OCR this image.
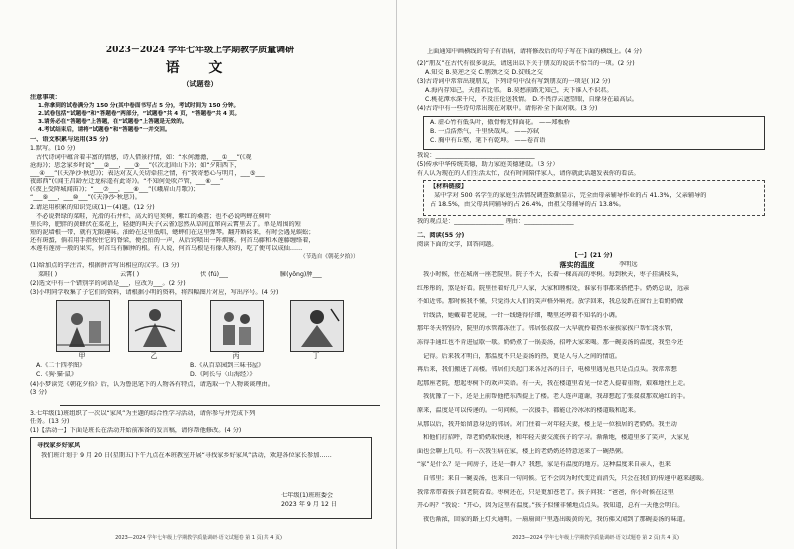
2023－2024 学年七年级上学期教学质量调研
语 文
（试题卷）
注意事项：
1.你拿到的试卷满分为 150 分(其中卷面书写占 5 分)，考试时间为 150 分钟。
2.试卷包括“试题卷”和“答题卷”两部分，“试题卷”共 4 页，“答题卷”共 4 页。
3.请务必在“答题卷”上答题，在“试题卷”上答题是无效的。
4.考试结束后，请将“试题卷”和“答题卷”一并交回。
一、语文积累与运用(35 分)
1.默写。(10 分)
古代诗词中蕴含着丰富的情感，诗人借景抒情，如：“水何澹澹，___①___”(《观
沧海》)；思念家乡时说“___②___，___③___”(《次北固山下》)；如“夕阳西下，
___④___”(《天净沙·秋思》)；表达对友人关切牵挂之情，有“我寄愁心与明月，___⑤___
夜郎西”(《闻王昌龄左迁龙标遥有此寄》)。“不知何处吹芦管，___⑥___”
(《夜上受降城闻笛》)；“___⑦___，___⑧___”(《峨眉山月歌》)；
“___⑨___，___⑩___”(《天净沙·秋思》)。
2.请运用积累的知识完成(1)～(4)题。(12 分)
不必说碧绿的菜畦，光滑的石井栏，高大的皂荚树，紫红的桑葚；也不必说鸣蝉在树叶
里长吟，肥胖的黄蜂伏在菜花上，轻捷的叫天子(云雀)忽然从草间直窜向云霄里去了。单是周围的短
短的泥墙根一带，就有无限趣味。油蛉在这里低唱，蟋蟀们在这里弹琴。翻开断砖来，有时会遇见蜈蚣；
还有斑蝥，倘若用手指按住它的脊梁，便会拍的一声，从后窍喷出一阵烟雾。何首乌藤和木莲藤缠络着，
木莲有莲房一般的果实，何首乌有臃肿的根。有人说，何首乌根是有像人形的，吃了便可以成仙……
（节选自《朝花夕拾》）
(1)给加点的字注音，根据拼音写出相应的汉字。(3 分)
菜畦( )	云霄( )	伏 (fú)___	臃(yōng)肿___
(2)选文中有一个错别字的词语是___，应改为___。(2 分)
(3)小明同学收集了子它们的资料，请根据小明的资料，将四幅图片对应，写出序号。(4 分)
甲	乙	丙	丁
A.《二十四孝图》	B.《从百草园到三味书屋》
C.《狗·猫·鼠》	D.《阿长与〈山海经〉》
(4)小梦读完《朝花夕拾》后，认为鲁迅笔下的人物各有特点，请选取一个人物谈谈理由。
(3 分)
3.七年级(1)班组织了一次以“家风”为主题的综合性学习活动，请你参与并完成下列
任务。(13 分)
(1)【活动一】下面是班长在活动开始前准备的发言稿，请你帮他修改。(4 分)
寻找家乡好家风
我们班计划于 9 月 20 日(星期五)下午九点在本班教室开展“寻找家乡好家风”活动，欢迎各位家长参加……
七年级(1)班班委会
2023 年 9 月 12 日
2023—2024 学年七年级上学期教学质量调研·语文试题卷 第 1 页(共 4 页)
上面通知中画横线的句子有语病，请将修改后的句子写在下面的横线上。(4 分)
(2)“朋友”在古代有很多说法，请选出以下关于朋友的说法不恰当的一项。(2 分)
A.知交 B.莫逆之交 C.刎颈之交 D.贫贱之交
(3)古诗词中常常出现朋友，下列诗句中没有写到朋友的一项是( )(2 分)
A.海内存知己，天涯若比邻。 B.莫愁前路无知己，天下谁人不识君。
C.桃花潭水深千尺，不及汪伦送我情。 D.不畏浮云遮望眼，自缘身在最高层。
(4)古诗中有一些诗句常出现在对联中。请你补全下面对联。(3 分)
A. 虚心竹有低头叶，傲骨梅无仰面花。 ——郑板桥
B. 一点浩然气，千里快哉风。 ——苏轼
C. 胸中有丘壑，笔下有乾坤。 ——卷首语
我说：________________________________
(5)传承中华传统美德，助力家庭美德建设。（3 分）
有人认为现在的人们生活太忙，没有时间陪伴家人，请你就此话题发表你的看法。
【材料链接】
某中学对 500 名学生的家庭生活情况调查数据显示，完全由母亲辅导作业的占 41.3%，父亲辅导的
占 18.5%，由父母共同辅导的占 26.4%，由祖父母辅导的占 13.8%。
我的观点是：________________ 理由：________________
二、阅读(55 分)
阅读下面的文字，回答问题。
【一】(21 分)
落实的温度	李明远
我小时候，住在城南一座老院里。院子不大，长着一棵高高的枣树。每到秋天，枣子挂满枝头，
红彤彤的，煞是好看。院里住着好几户人家，大家和睦相处，谁家有事都来搭把手。奶奶总说，远亲
不如近邻。那时候我不懂，只觉得大人们的笑声格外响亮。放学回来，我总爱趴在窗台上看奶奶做
针线活，她戴着老花镜，一针一线缝得仔细，嘴里还哼着不知名的小调。
那年冬天特别冷，院里的水管都冻住了。邻居张叔叔一大早就拎着热水壶挨家挨户帮忙浇水管，
冻得手通红也不肯进屋歇一歇。奶奶煮了一锅姜汤，招呼大家来喝。那一碗姜汤的温度，我至今还
记得。后来我才明白，那温度不只是姜汤的热，更是人与人之间的情谊。
再后来，我们搬进了高楼。邻居们关起门来各过各的日子，电梯里遇见也只是点点头。我常常想
起那座老院，想起枣树下的欢声笑语。有一天，我在楼道里看见一位老人提着重物，艰难地往上走。
我犹豫了一下，还是上前帮他把东西提上了楼。老人连声道谢，我却想起了张叔叔那双通红的手。
原来，温度是可以传递的。一句问候，一次援手，都能让冷冰冰的楼道暖和起来。
从那以后，我开始留意身边的邻居。对门住着一对年轻夫妻，楼上是一位独居的老奶奶。我主动
和他们打招呼，帮老奶奶取快递，和年轻夫妻交流孩子的学习。渐渐地，楼道里多了笑声，大家见
面也会聊上几句。有一次我生病在家，楼上的老奶奶还特意送来了一碗热粥。
“家”是什么？是一间房子，还是一群人？我想，家是有温度的地方。这种温度来自亲人，也来
自邻里；来自一碗姜汤，也来自一句问候。它不会因为时代变迁而消失，只会在我们的传递中越来越暖。
我常常带着孩子回老院看看。枣树还在，只是更加苍老了。孩子问我：“爸爸，你小时候在这里
开心吗？”我说：“开心，因为这里有温度。”孩子似懂非懂地点点头。我知道，总有一天他会明白。
夜色渐浓，回家的路上灯火通明。一扇扇窗户里透出暖黄的光，我仿佛又闻到了那碗姜汤的味道。
2023—2024 学年七年级上学期教学质量调研·语文试题卷 第 2 页(共 4 页)
